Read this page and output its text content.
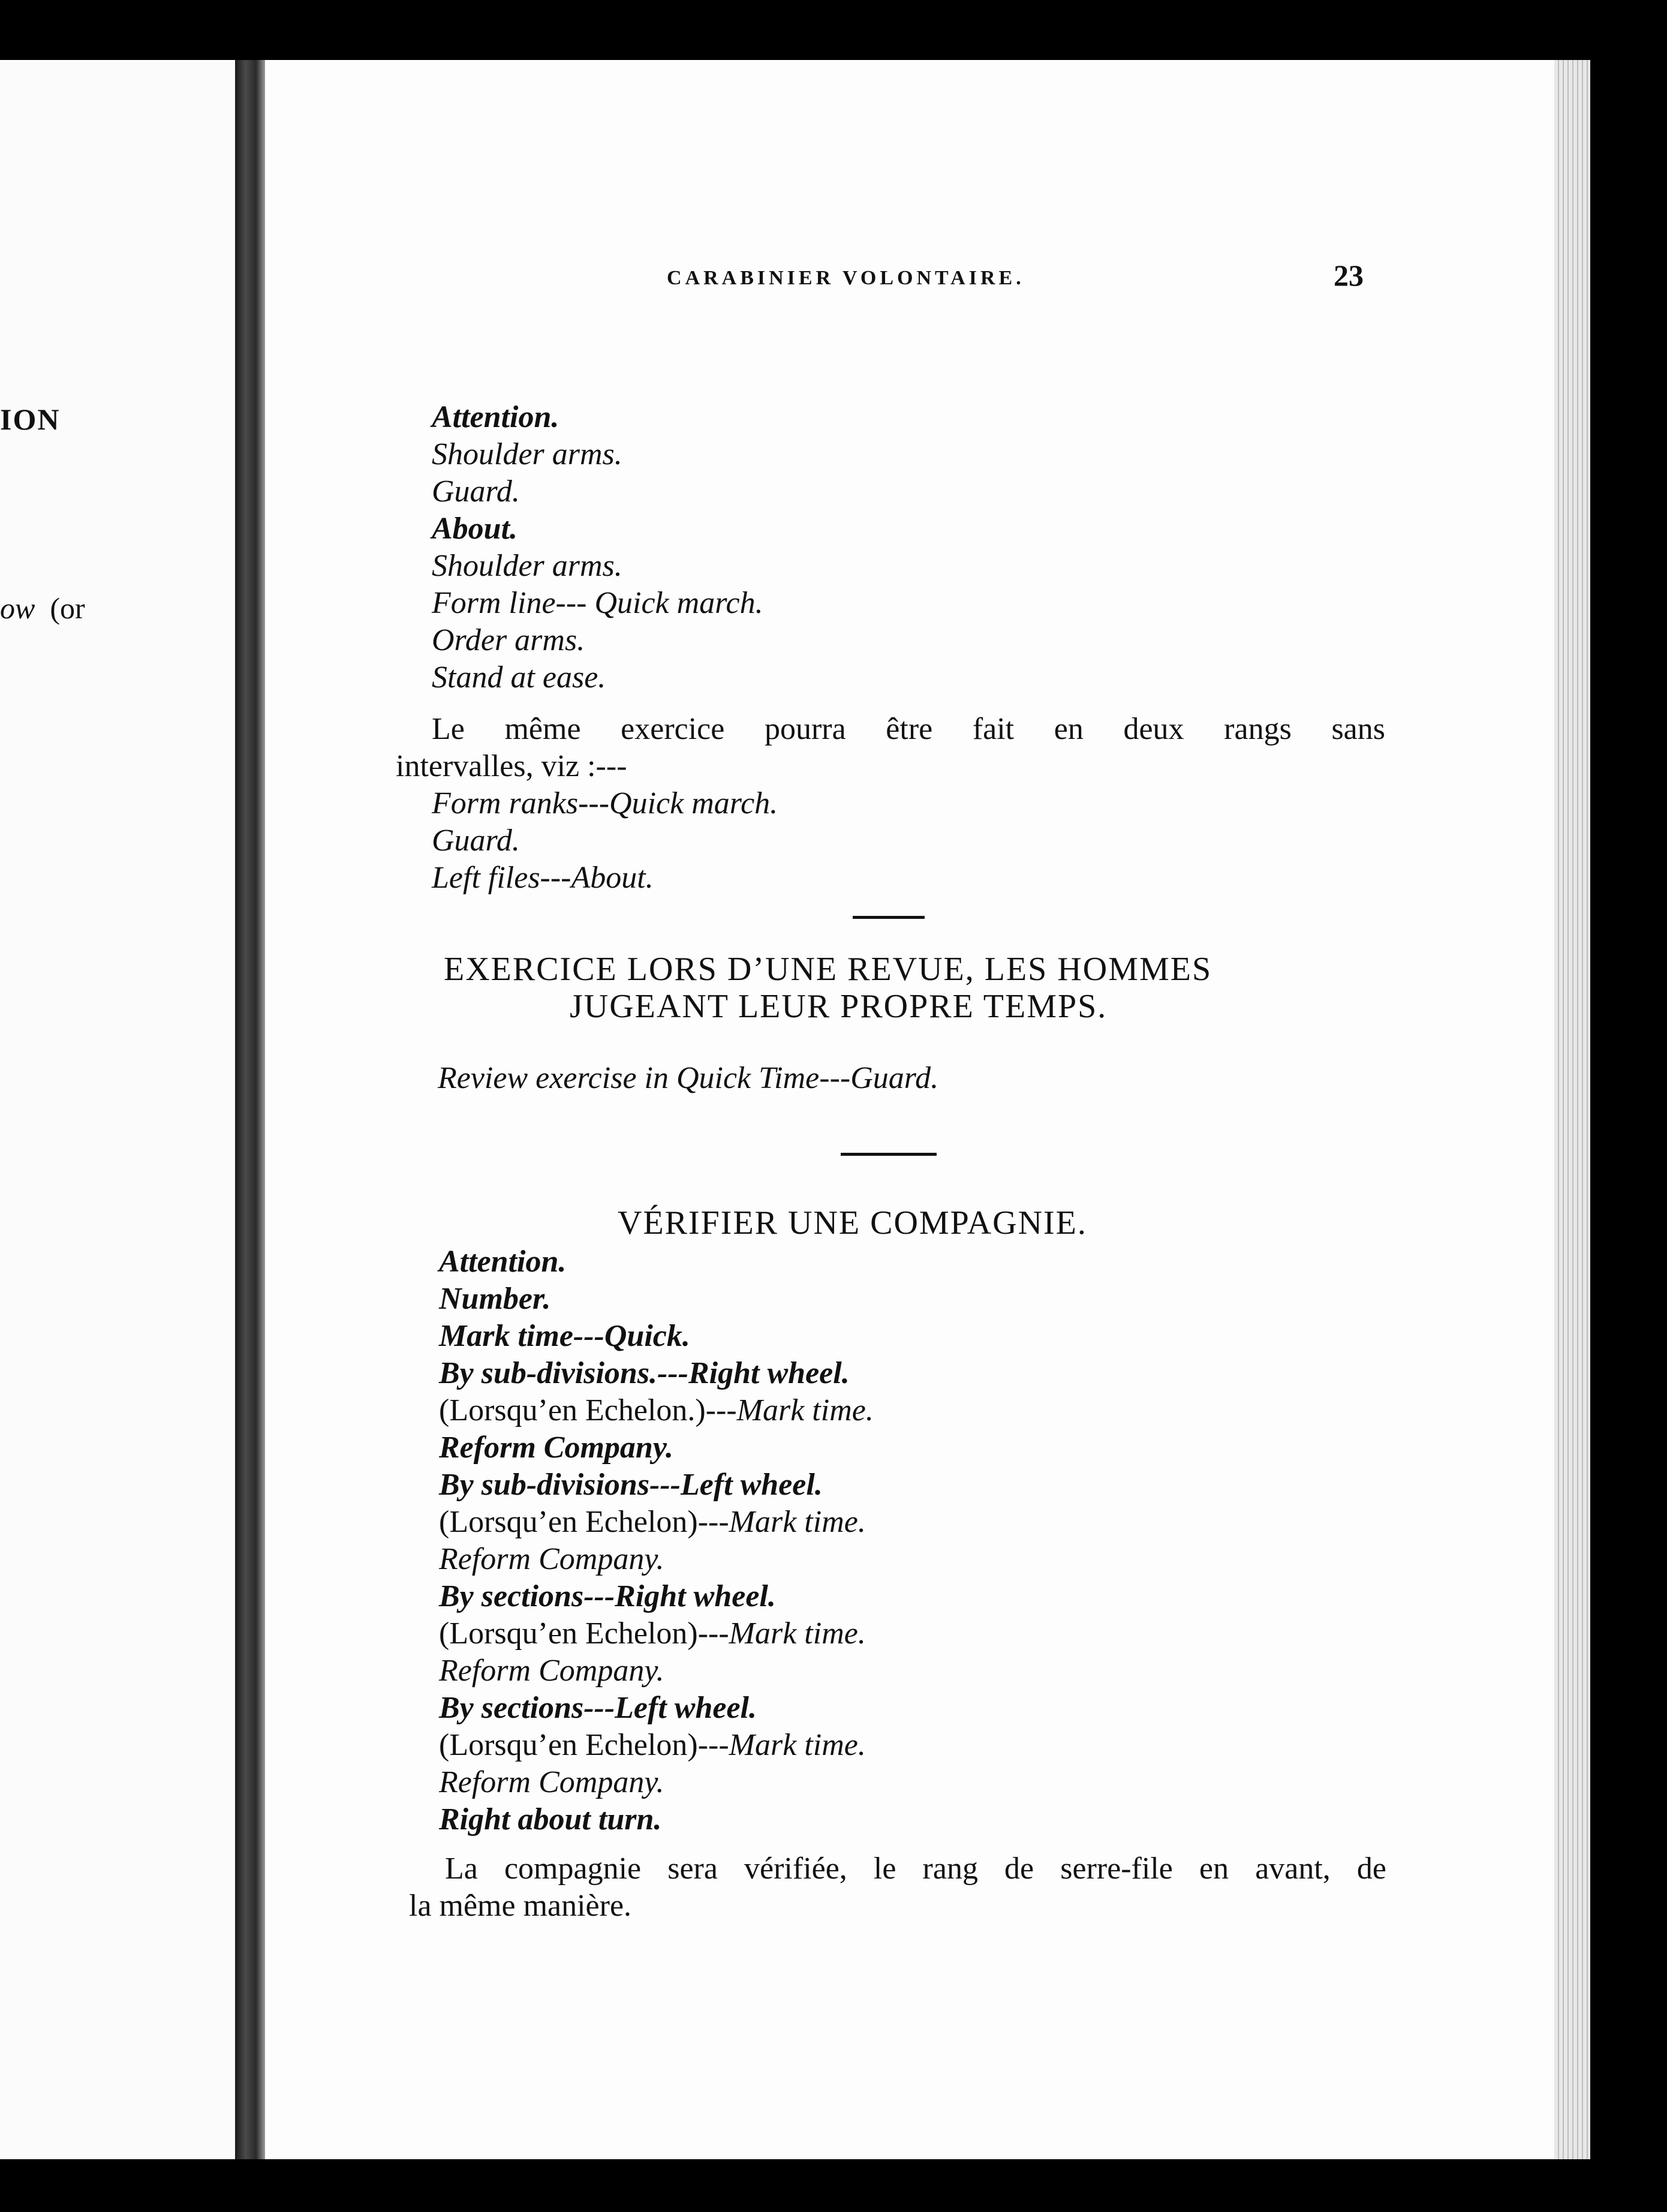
ION
ow (or
CARABINIER VOLONTAIRE.	23
Attention.
Shoulder arms.
Guard.
About.
Shoulder arms.
Form line--- Quick march.
Order arms.
Stand at ease.
Le même exercice pourra être fait en deux rangs sans
intervalles, viz :---
Form ranks---Quick march.
Guard.
Left files---About.
EXERCICE LORS D’UNE REVUE, LES HOMMES
JUGEANT LEUR PROPRE TEMPS.
Review exercise in Quick Time---Guard.
VÉRIFIER UNE COMPAGNIE.
Attention.
Number.
Mark time---Quick.
By sub-divisions.---Right wheel.
(Lorsqu’en Echelon.)---Mark time.
Reform Company.
By sub-divisions---Left wheel.
(Lorsqu’en Echelon)---Mark time.
Reform Company.
By sections---Right wheel.
(Lorsqu’en Echelon)---Mark time.
Reform Company.
By sections---Left wheel.
(Lorsqu’en Echelon)---Mark time.
Reform Company.
Right about turn.
La compagnie sera vérifiée, le rang de serre-file en avant, de
la même manière.
